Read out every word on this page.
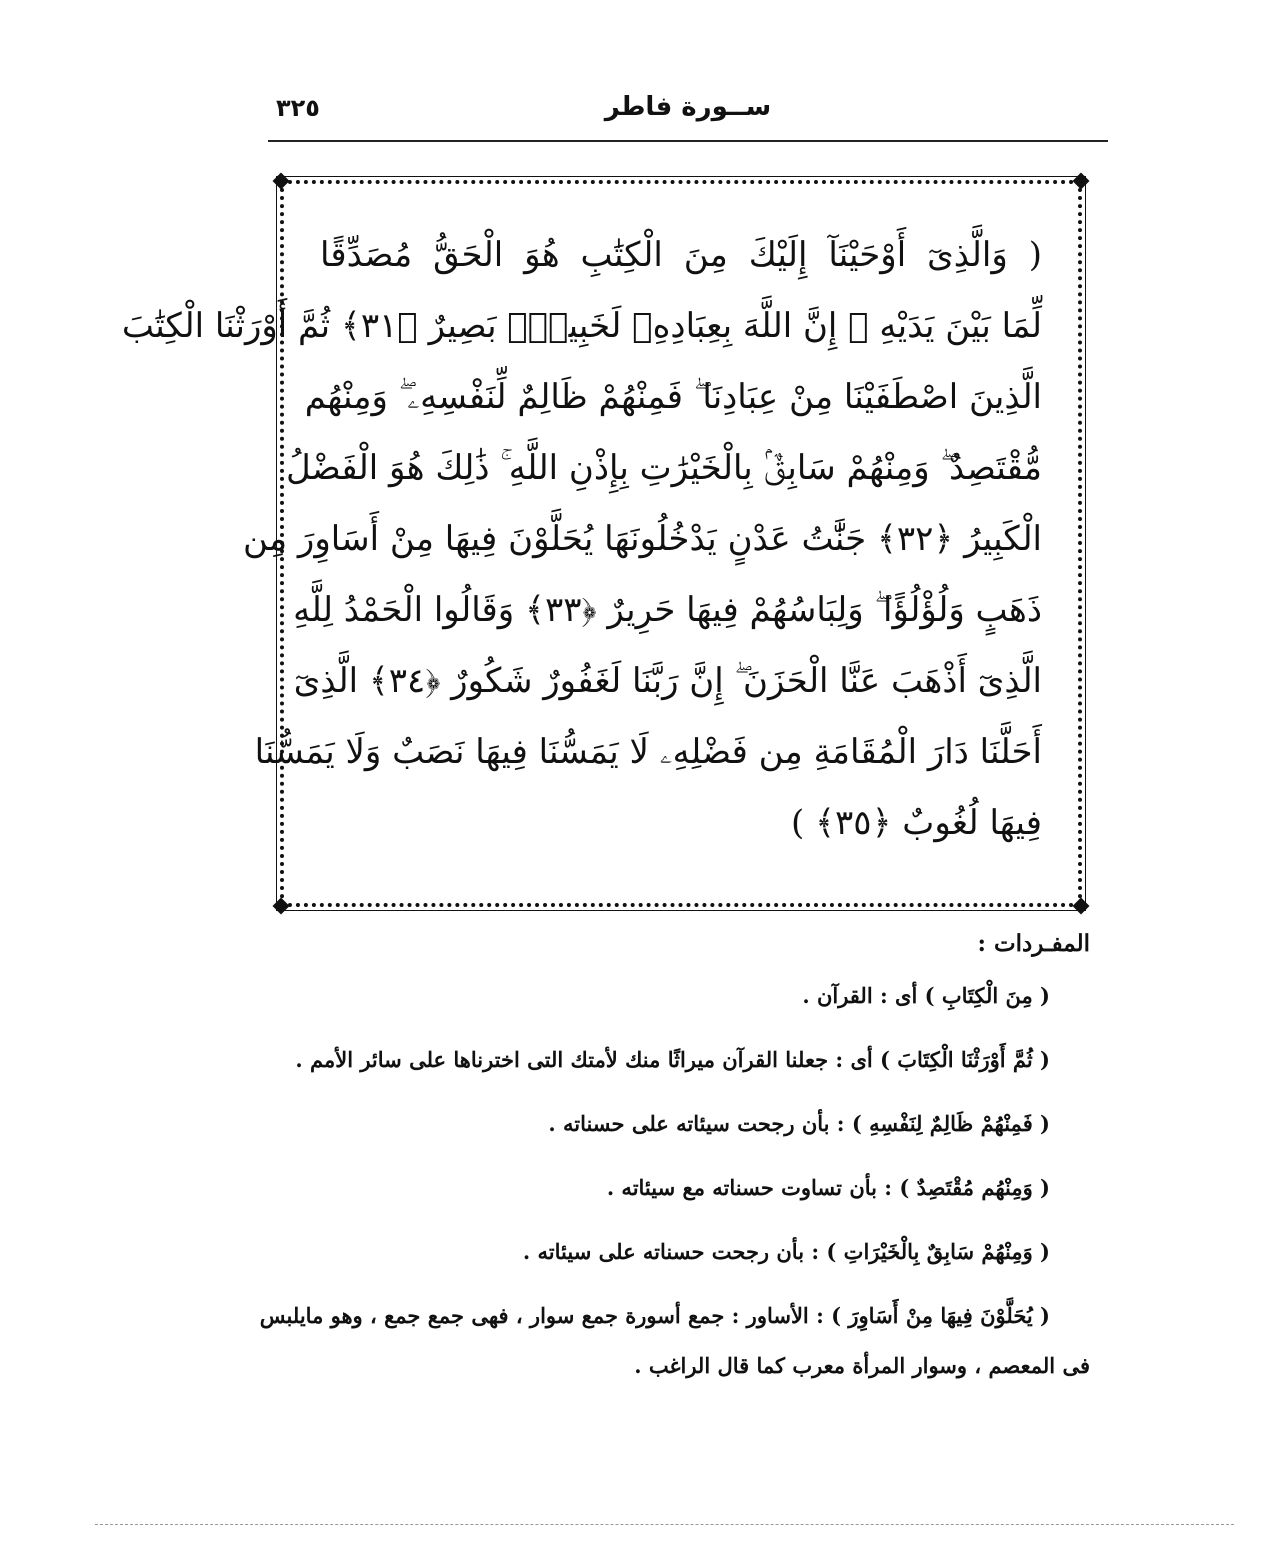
٣٢٥	ســورة فاطر
( وَالَّذِىٓ أَوْحَيْنَآ إِلَيْكَ مِنَ الْكِتَٰبِ هُوَ الْحَقُّ مُصَدِّقًا
لِّمَا بَيْنَ يَدَيْهِ ۗ إِنَّ اللَّهَ بِعِبَادِهِۦ لَخَبِيرٌۢ بَصِيرٌ ﴿٣١﴾ ثُمَّ أَوْرَثْنَا الْكِتَٰبَ
الَّذِينَ اصْطَفَيْنَا مِنْ عِبَادِنَا ۖ فَمِنْهُمْ ظَالِمٌ لِّنَفْسِهِۦ ۖ وَمِنْهُم
مُّقْتَصِدٌ ۖ وَمِنْهُمْ سَابِقٌۢ بِالْخَيْرَٰتِ بِإِذْنِ اللَّهِ ۚ ذَٰلِكَ هُوَ الْفَضْلُ
الْكَبِيرُ ﴿٣٢﴾ جَنَّٰتُ عَدْنٍ يَدْخُلُونَهَا يُحَلَّوْنَ فِيهَا مِنْ أَسَاوِرَ مِن
ذَهَبٍ وَلُؤْلُؤًا ۖ وَلِبَاسُهُمْ فِيهَا حَرِيرٌ ﴿٣٣﴾ وَقَالُوا الْحَمْدُ لِلَّهِ
الَّذِىٓ أَذْهَبَ عَنَّا الْحَزَنَ ۖ إِنَّ رَبَّنَا لَغَفُورٌ شَكُورٌ ﴿٣٤﴾ الَّذِىٓ
أَحَلَّنَا دَارَ الْمُقَامَةِ مِن فَضْلِهِۦ لَا يَمَسُّنَا فِيهَا نَصَبٌ وَلَا يَمَسُّنَا
فِيهَا لُغُوبٌ ﴿٣٥﴾ )
المفـردات :
( مِنَ الْكِتَابِ ) أى : القرآن .
( ثُمَّ أَوْرَثْنَا الْكِتَابَ ) أى : جعلنا القرآن ميراثًا منك لأمتك التى اخترناها على سائر الأمم .
( فَمِنْهُمْ ظَالِمٌ لِنَفْسِهِ ) : بأن رجحت سيئاته على حسناته .
( وَمِنْهُم مُقْتَصِدٌ ) : بأن تساوت حسناته مع سيئاته .
( وَمِنْهُمْ سَابِقٌ بِالْخَيْرَاتِ ) : بأن رجحت حسناته على سيئاته .
( يُحَلَّوْنَ فِيهَا مِنْ أَسَاوِرَ ) : الأساور : جمع أسورة جمع سوار ، فهى جمع جمع ، وهو مايلبس فى المعصم ، وسوار المرأة معرب كما قال الراغب .
